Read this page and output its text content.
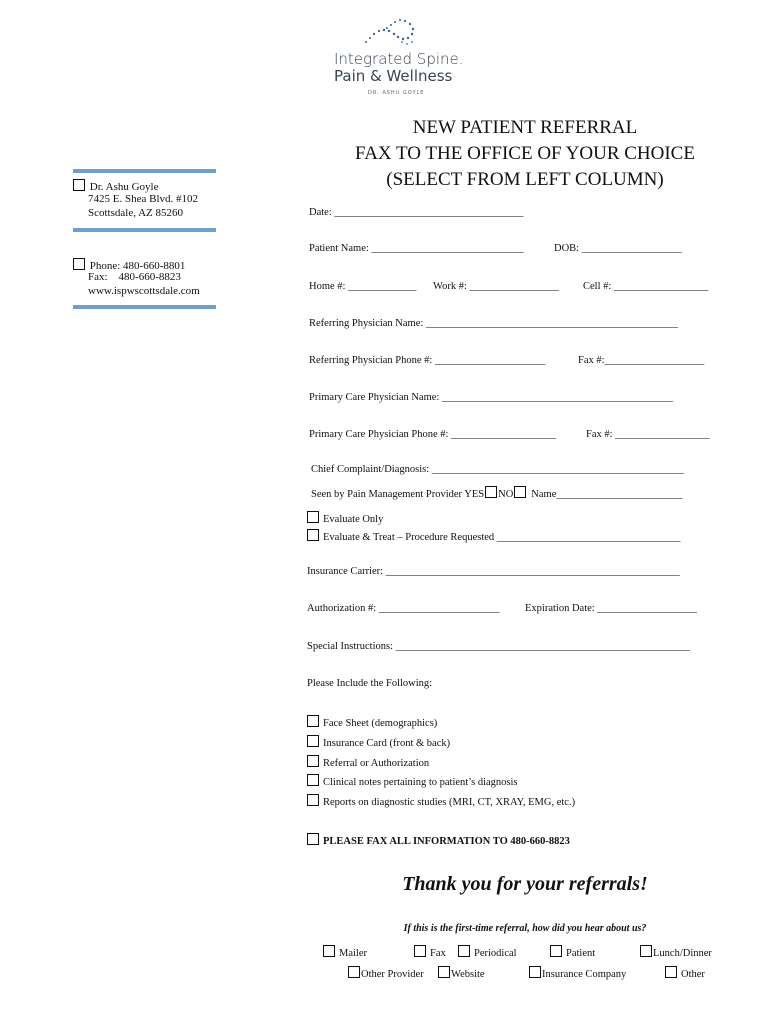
Integrated Spine.
Pain & Wellness
DR. ASHU GOYLE
NEW PATIENT REFERRAL
FAX TO THE OFFICE OF YOUR CHOICE
(SELECT FROM LEFT COLUMN)
Dr. Ashu Goyle
7425 E. Shea Blvd. #102
Scottsdale, AZ 85260
Phone: 480-660-8801
Fax:    480-660-8823
www.ispwscottsdale.com
Date: ____________________________________
Patient Name: _____________________________	DOB: ___________________
Home #: _____________ Work #: _________________ Cell #: __________________
Referring Physician Name: ________________________________________________
Referring Physician Phone #: _____________________	Fax #:___________________
Primary Care Physician Name: ____________________________________________
Primary Care Physician Phone #: ____________________	Fax #: __________________
Chief Complaint/Diagnosis: ________________________________________________
Seen by Pain Management Provider YES NO Name________________________
Evaluate Only
Evaluate & Treat – Procedure Requested ___________________________________
Insurance Carrier: ________________________________________________________
Authorization #: _______________________ Expiration Date: ___________________
Special Instructions: ________________________________________________________
Please Include the Following:
Face Sheet (demographics)
Insurance Card (front & back)
Referral or Authorization
Clinical notes pertaining to patient’s diagnosis
Reports on diagnostic studies (MRI, CT, XRAY, EMG, etc.)
PLEASE FAX ALL INFORMATION TO 480-660-8823
Thank you for your referrals!
If this is the first-time referral, how did you hear about us?
Mailer	Fax	Periodical	Patient	Lunch/Dinner
Other Provider	Website	Insurance Company	Other
